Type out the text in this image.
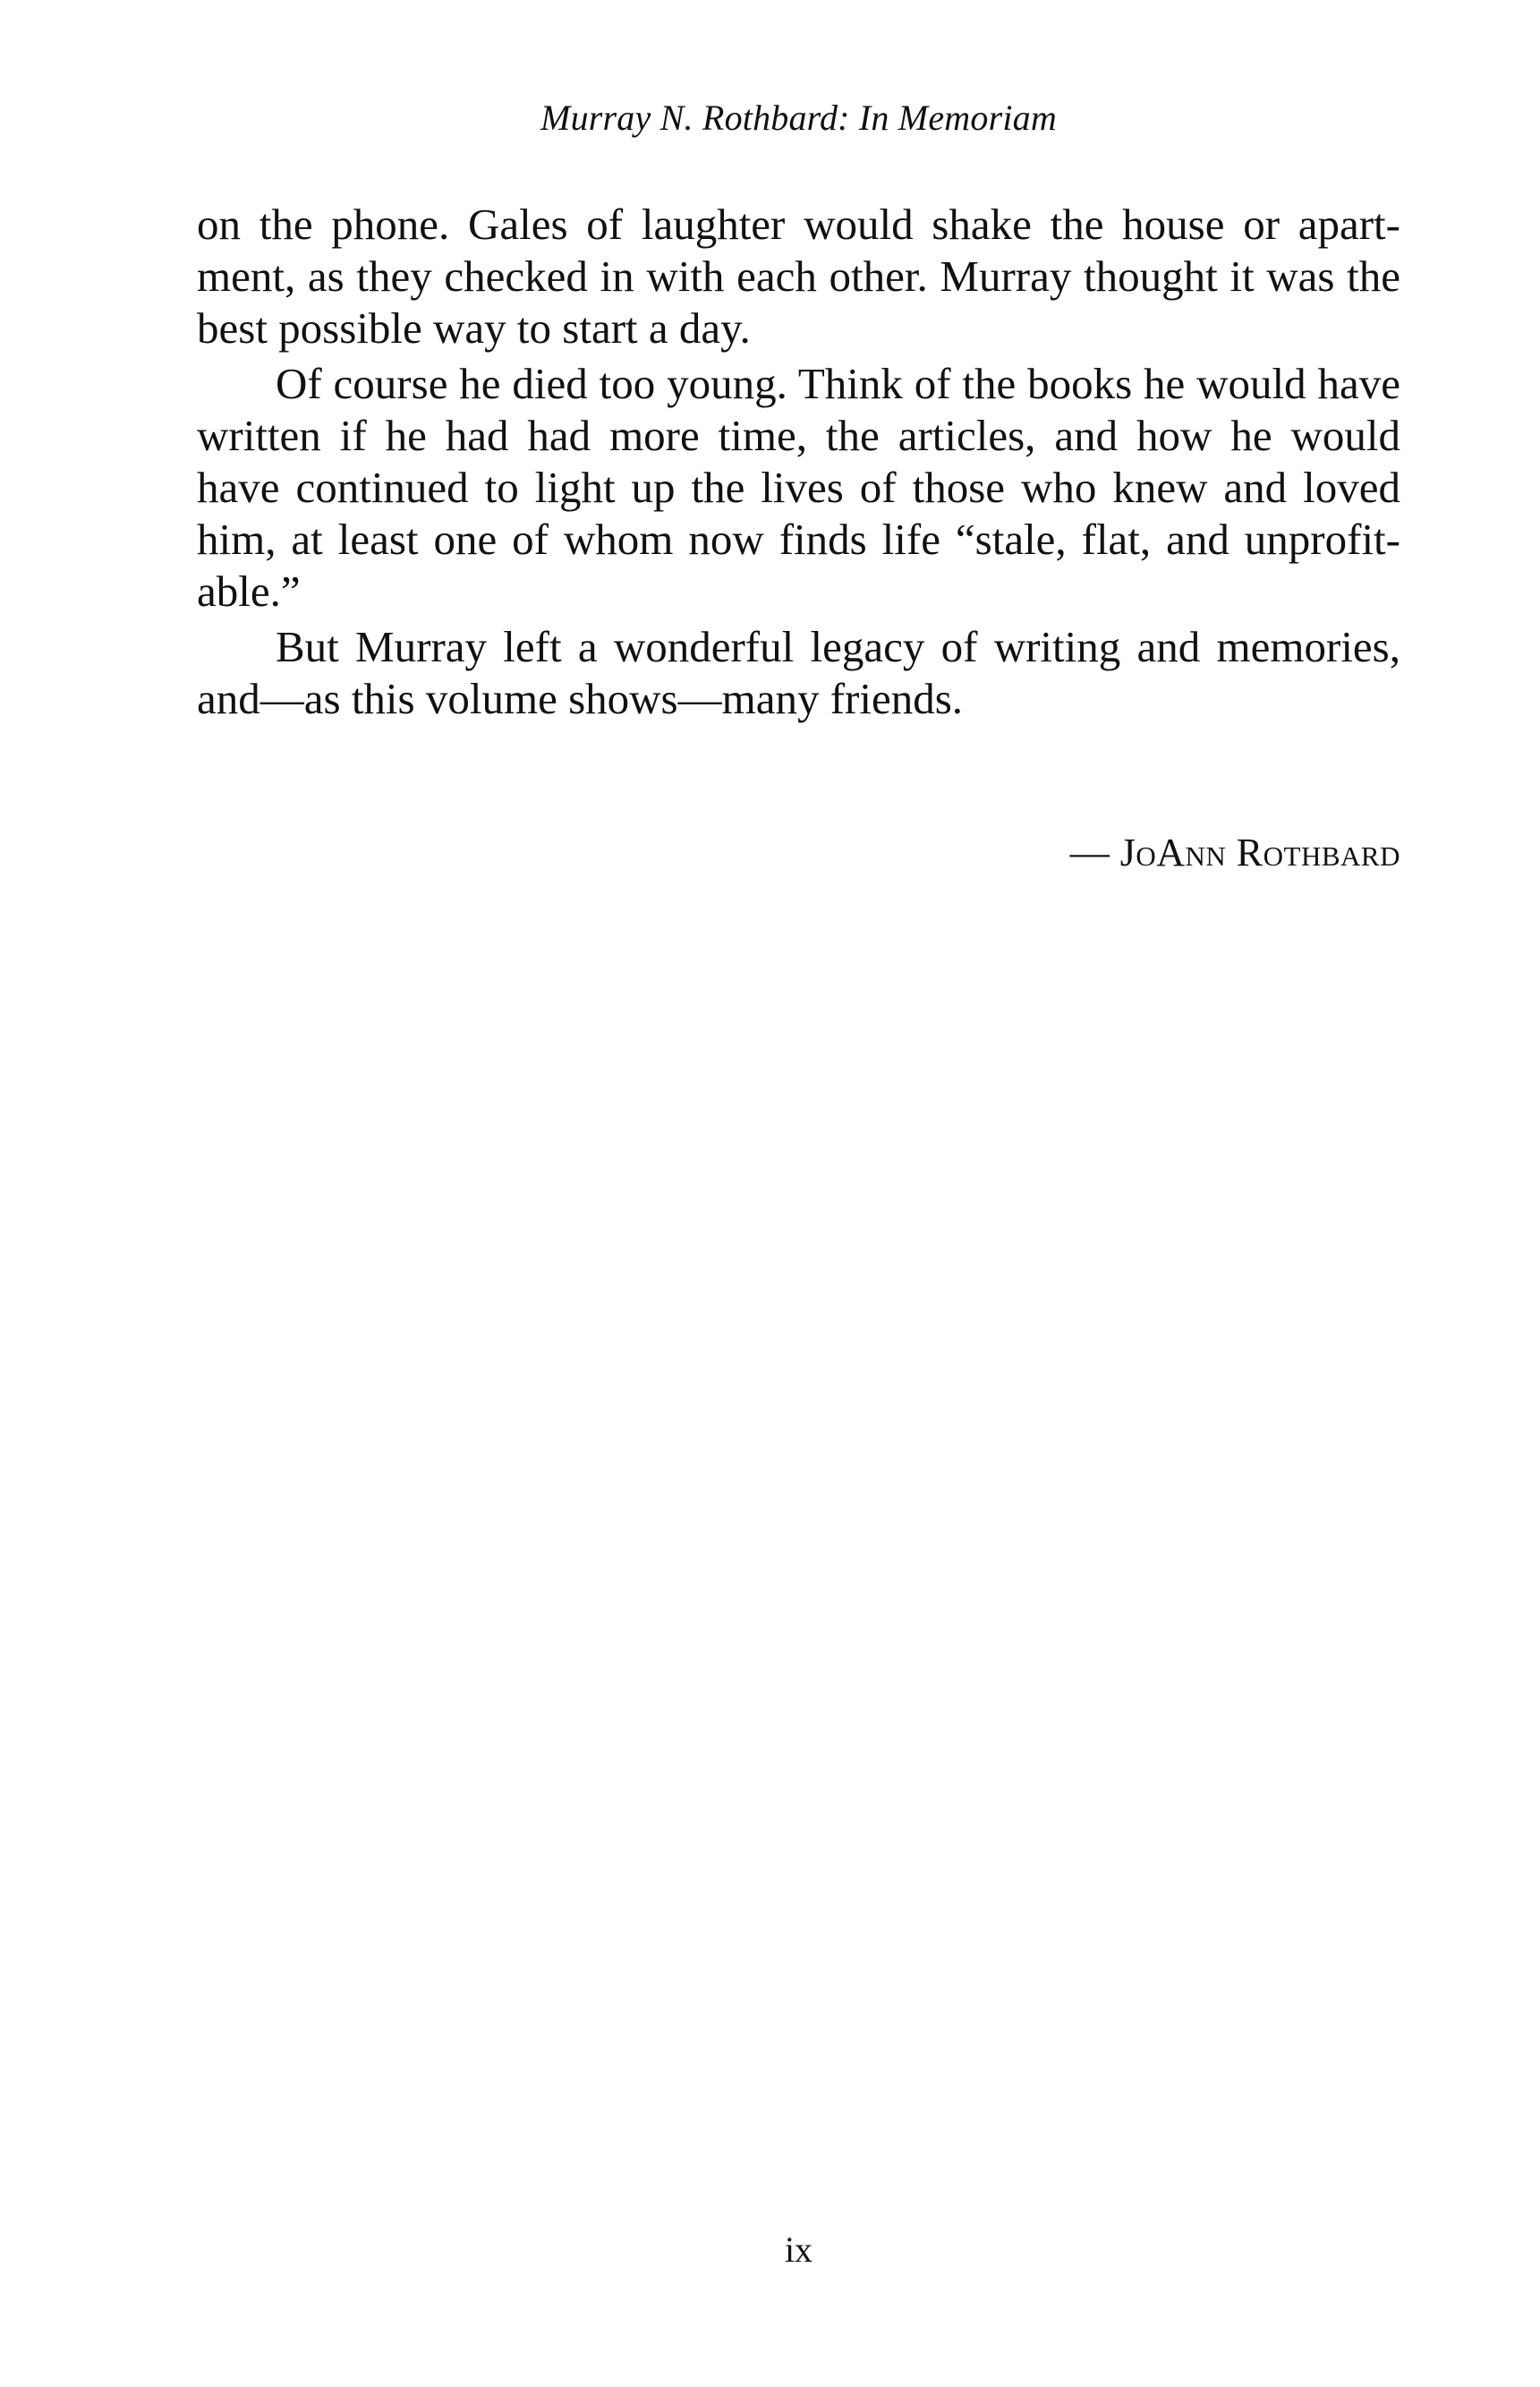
Murray N. Rothbard: In Memoriam

on the phone. Gales of laughter would shake the house or apartment, as they checked in with each other. Murray thought it was the best possible way to start a day.

Of course he died too young. Think of the books he would have written if he had had more time, the articles, and how he would have continued to light up the lives of those who knew and loved him, at least one of whom now finds life “stale, flat, and unprofitable.”

But Murray left a wonderful legacy of writing and memories, and—as this volume shows—many friends.

— JoAnn Rothbard
ix
